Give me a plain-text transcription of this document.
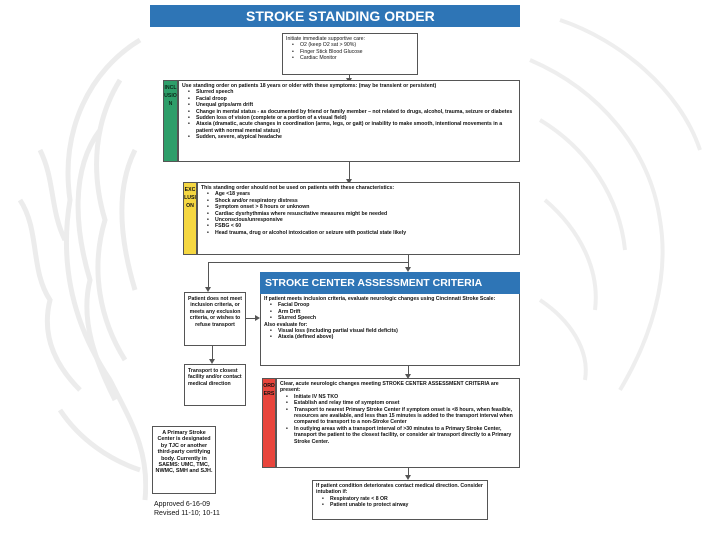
STROKE STANDING ORDER
Initiate immediate supportive care:
• O2 (keep O2 sat > 90%)
• Finger Stick Blood Glucose
• Cardiac Monitor
INCLUSION
Use standing order on patients 18 years or older with these symptoms: (may be transient or persistent)
• Slurred speech
• Facial droop
• Unequal grips/arm drift
• Change in mental status - as documented by friend or family member – not related to drugs, alcohol, trauma, seizure or diabetes
• Sudden loss of vision (complete or a portion of a visual field)
• Ataxia (dramatic, acute changes in coordination (arms, legs, or gait) or inability to make smooth, intentional movements in a patient with normal mental status)
• Sudden, severe, atypical headache
EXCLUSION
This standing order should not be used on patients with these characteristics:
• Age <18 years
• Shock and/or respiratory distress
• Symptom onset > 8 hours or unknown
• Cardiac dysrhythmias where resuscitative measures might be needed
• Unconscious/unresponsive
• FSBG < 60
• Head trauma, drug or alcohol intoxication or seizure with postictal state likely
STROKE CENTER ASSESSMENT CRITERIA
If patient meets inclusion criteria, evaluate neurologic changes using Cincinnati Stroke Scale:
• Facial Droop
• Arm Drift
• Slurred Speech
Also evaluate for:
• Visual loss (including partial visual field deficits)
• Ataxia (defined above)
Patient does not meet inclusion criteria, or meets any exclusion criteria, or wishes to refuse transport
Transport to closest facility and/or contact medical direction	ORDERS
Clear, acute neurologic changes meeting STROKE CENTER ASSESSMENT CRITERIA are present:
• Initiate IV NS TKO
• Establish and relay time of symptom onset
• Transport to nearest Primary Stroke Center if symptom onset is <8 hours, when feasible, resources are available, and less than 15 minutes is added to the transport interval when compared to transport to a non-Stroke Center
• In outlying areas with a transport interval of >30 minutes to a Primary Stroke Center, transport the patient to the closest facility, or consider air transport directly to a Primary Stroke Center.
A Primary Stroke Center is designated by TJC or another third-party certifying body. Currently in SAEMS: UMC, TMC, NWMC, SMH and SJH.
If patient condition deteriorates contact medical direction. Consider intubation if:
• Respiratory rate < 8 OR
• Patient unable to protect airway
Approved 6-16-09
Revised 11-10; 10-11
